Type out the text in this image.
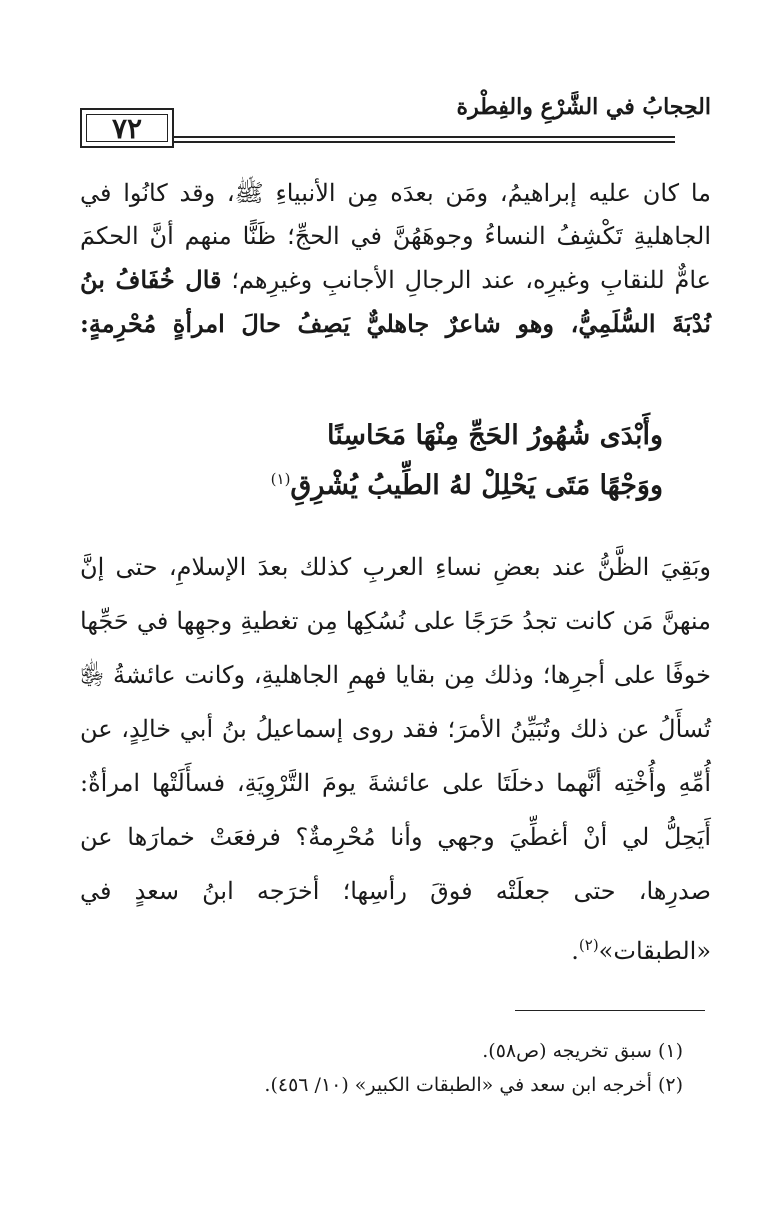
٧٢
الحِجابُ في الشَّرْعِ والفِطْرة
ما كان عليه إبراهيمُ، ومَن بعدَه مِن الأنبياءِ ﷺ، وقد كانُوا في الجاهليةِ تَكْشِفُ النساءُ وجوهَهُنَّ في الحجِّ؛ ظَنًّا منهم أنَّ الحكمَ عامٌّ للنقابِ وغيرِه، عند الرجالِ الأجانبِ وغيرِهم؛ قال خُفَافُ بنُ نُدْبَةَ السُّلَمِيُّ، وهو شاعرٌ جاهليٌّ يَصِفُ حالَ امرأةٍ مُحْرِمةٍ:
وأَبْدَى شُهُورُ الحَجِّ مِنْهَا مَحَاسِنًا
ووَجْهًا مَتَى يَحْلِلْ لهُ الطِّيبُ يُشْرِقِ$^{(١)}$
وبَقِيَ الظَّنُّ عند بعضِ نساءِ العربِ كذلك بعدَ الإسلامِ، حتى إنَّ منهنَّ مَن كانت تجدُ حَرَجًا على نُسُكِها مِن تغطيةِ وجهِها في حَجِّها خوفًا على أجرِها؛ وذلك مِن بقايا فهمِ الجاهليةِ، وكانت عائشةُ ﵂ تُسأَلُ عن ذلك وتُبَيِّنُ الأمرَ؛ فقد روى إسماعيلُ بنُ أبي خالِدٍ، عن أُمِّهِ وأُخْتِه أنَّهما دخلَتَا على عائشةَ يومَ التَّرْوِيَةِ، فسأَلَتْها امرأةٌ: أَيَحِلُّ لي أنْ أغطِّيَ وجهي وأنا مُحْرِمةٌ؟ فرفعَتْ خمارَها عن صدرِها، حتى جعلَتْه فوقَ رأسِها؛ أخرَجه ابنُ سعدٍ في «الطبقات»$^{(٢)}$.
(١) سبق تخريجه (ص٥٨).
(٢) أخرجه ابن سعد في «الطبقات الكبير» (١٠/ ٤٥٦).
